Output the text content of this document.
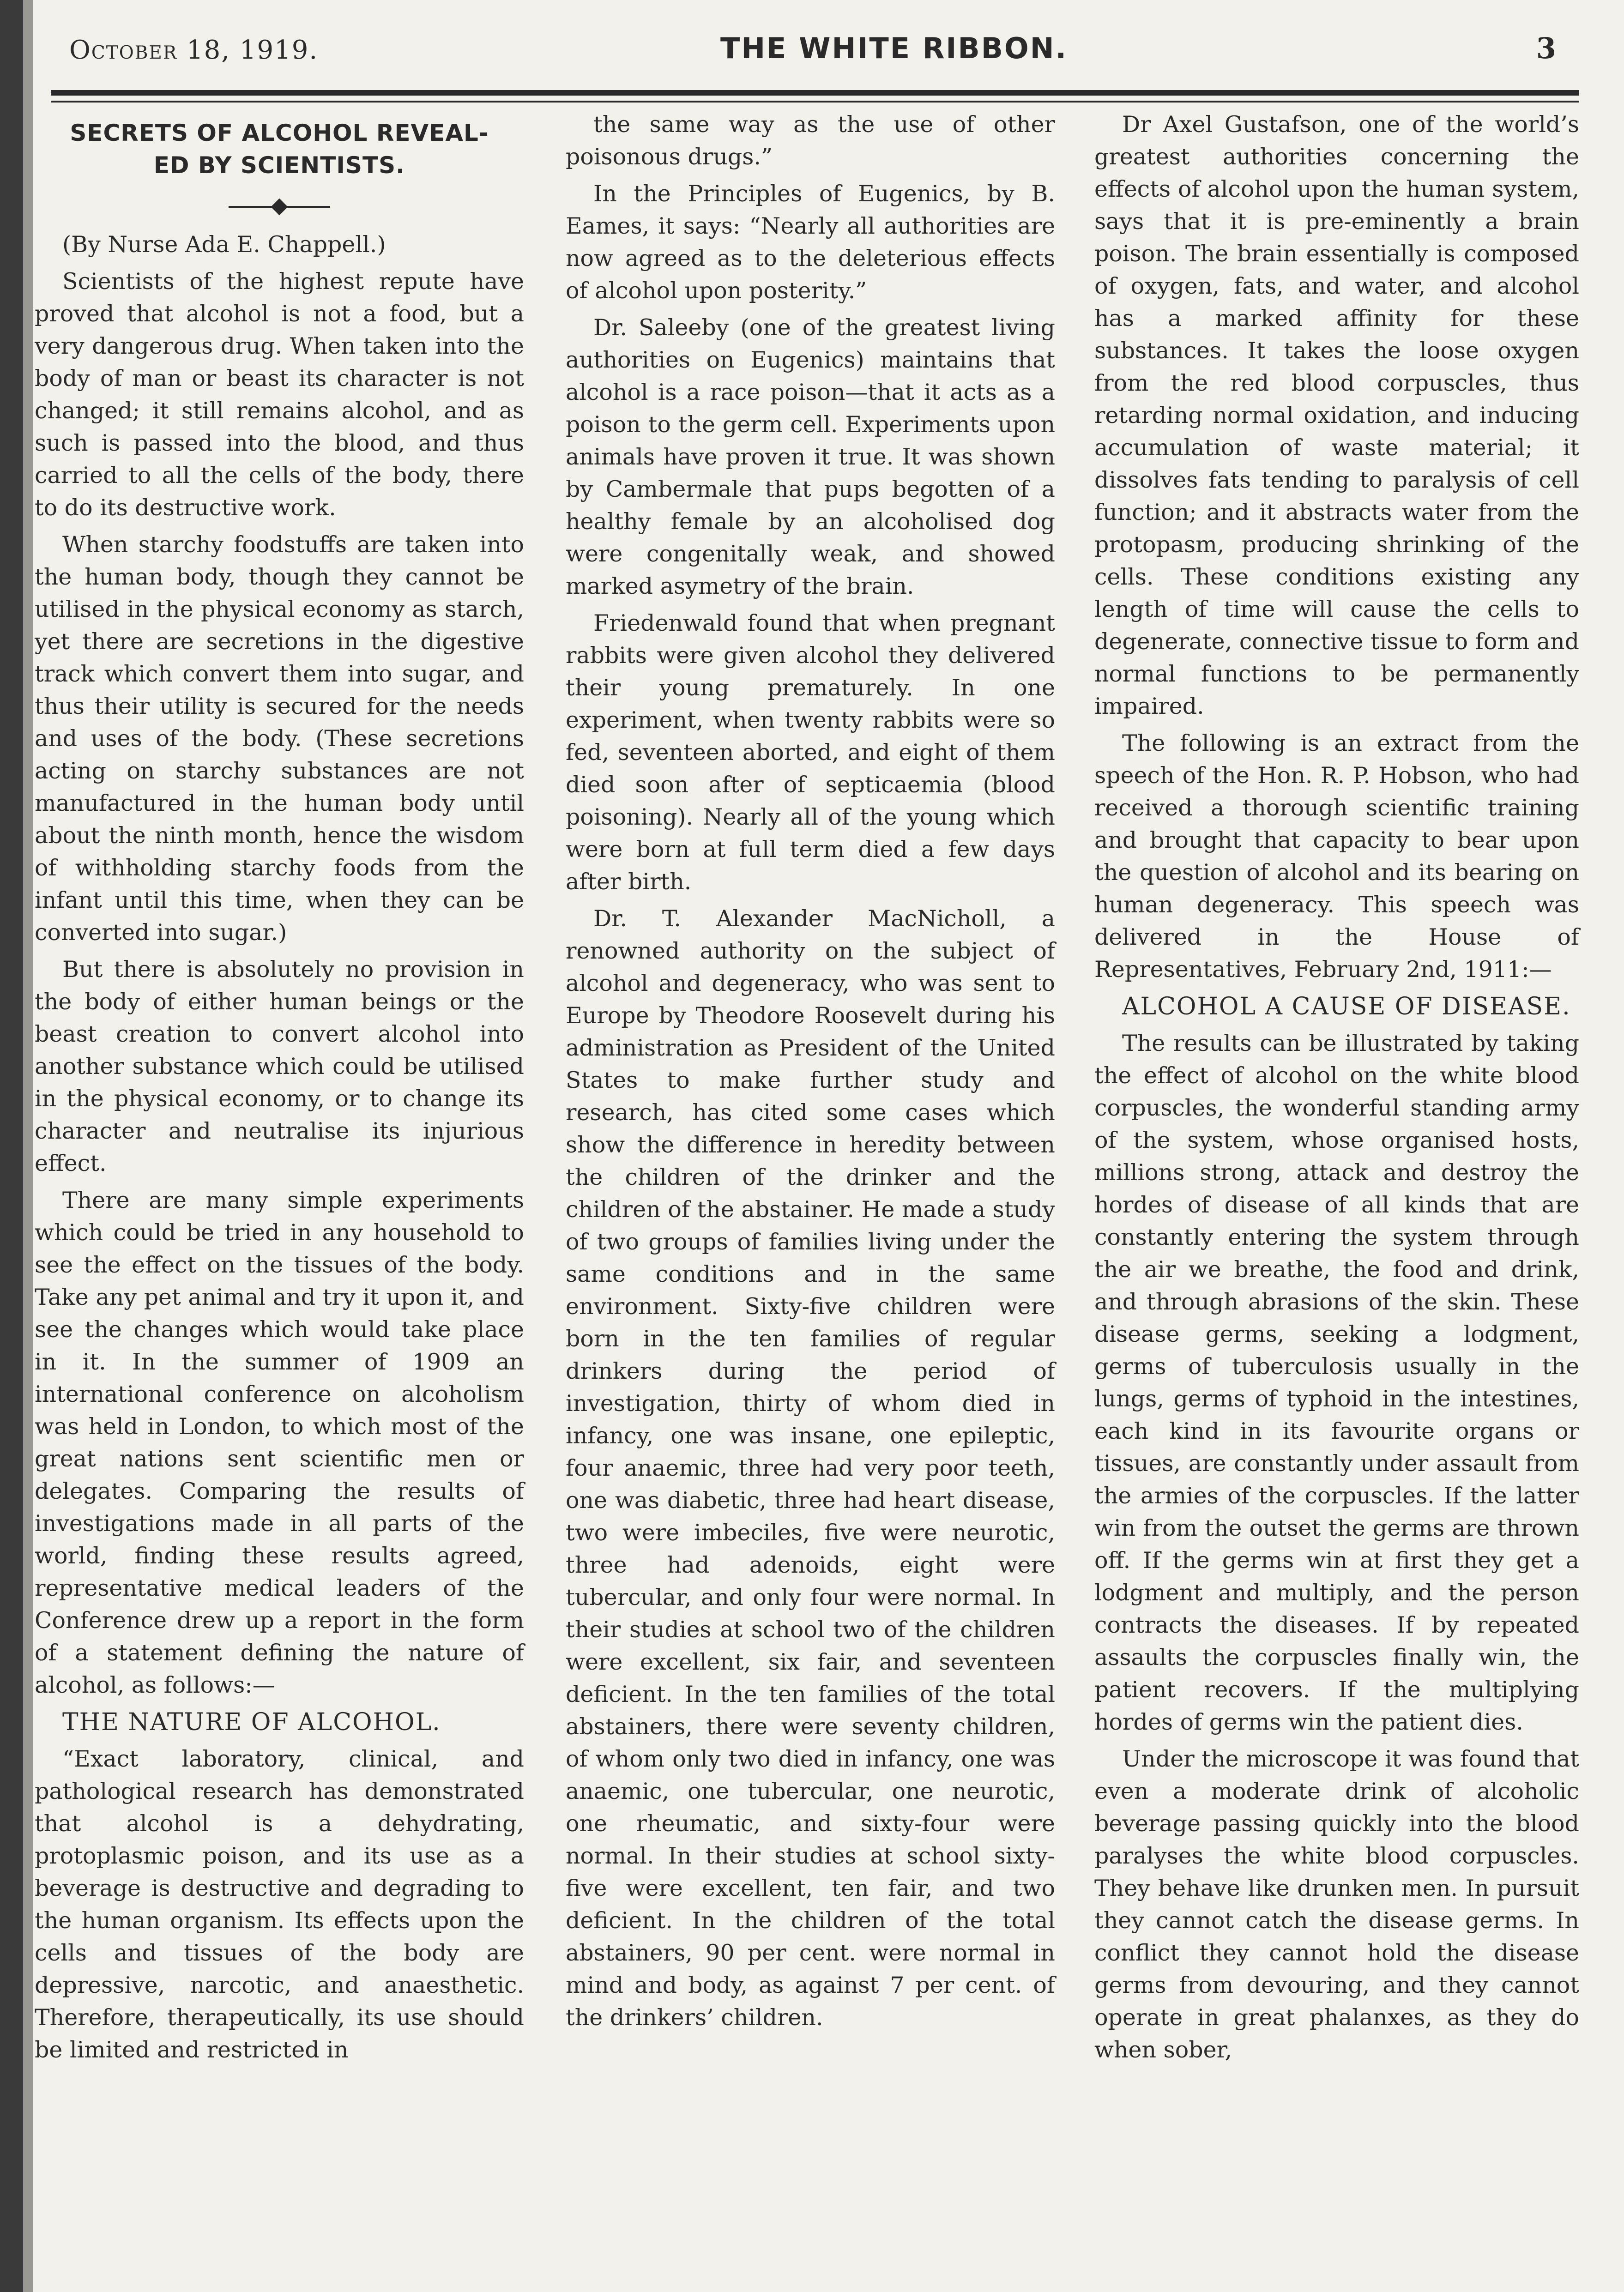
October 18, 1919.	THE WHITE RIBBON.	3
SECRETS OF ALCOHOL REVEAL-
ED BY SCIENTISTS.

(By Nurse Ada E. Chappell.)

Scientists of the highest repute have proved that alcohol is not a food, but a very dangerous drug. When taken into the body of man or beast its character is not changed; it still remains alcohol, and as such is passed into the blood, and thus carried to all the cells of the body, there to do its destructive work.

When starchy foodstuffs are taken into the human body, though they cannot be utilised in the physical economy as starch, yet there are secretions in the digestive track which convert them into sugar, and thus their utility is secured for the needs and uses of the body. (These secretions acting on starchy substances are not manufactured in the human body until about the ninth month, hence the wisdom of withholding starchy foods from the infant until this time, when they can be converted into sugar.)

But there is absolutely no provision in the body of either human beings or the beast creation to convert alcohol into another substance which could be utilised in the physical economy, or to change its character and neutralise its injurious effect.

There are many simple experiments which could be tried in any household to see the effect on the tissues of the body. Take any pet animal and try it upon it, and see the changes which would take place in it. In the summer of 1909 an international conference on alcoholism was held in London, to which most of the great nations sent scientific men or delegates. Comparing the results of investigations made in all parts of the world, finding these results agreed, representative medical leaders of the Conference drew up a report in the form of a statement defining the nature of alcohol, as follows:—

THE NATURE OF ALCOHOL.

“Exact laboratory, clinical, and pathological research has demonstrated that alcohol is a dehydrating, protoplasmic poison, and its use as a beverage is destructive and degrading to the human organism. Its effects upon the cells and tissues of the body are depressive, narcotic, and anaesthetic. Therefore, therapeutically, its use should be limited and restricted in

the same way as the use of other poisonous drugs.”

In the Principles of Eugenics, by B. Eames, it says: “Nearly all authorities are now agreed as to the deleterious effects of alcohol upon posterity.”

Dr. Saleeby (one of the greatest living authorities on Eugenics) maintains that alcohol is a race poison—that it acts as a poison to the germ cell. Experiments upon animals have proven it true. It was shown by Cambermale that pups begotten of a healthy female by an alcoholised dog were congenitally weak, and showed marked asymetry of the brain.

Friedenwald found that when pregnant rabbits were given alcohol they delivered their young prematurely. In one experiment, when twenty rabbits were so fed, seventeen aborted, and eight of them died soon after of septicaemia (blood poisoning). Nearly all of the young which were born at full term died a few days after birth.

Dr. T. Alexander MacNicholl, a renowned authority on the subject of alcohol and degeneracy, who was sent to Europe by Theodore Roosevelt during his administration as President of the United States to make further study and research, has cited some cases which show the difference in heredity between the children of the drinker and the children of the abstainer. He made a study of two groups of families living under the same conditions and in the same environment. Sixty-five children were born in the ten families of regular drinkers during the period of investigation, thirty of whom died in infancy, one was insane, one epileptic, four anaemic, three had very poor teeth, one was diabetic, three had heart disease, two were imbeciles, five were neurotic, three had adenoids, eight were tubercular, and only four were normal. In their studies at school two of the children were excellent, six fair, and seventeen deficient. In the ten families of the total abstainers, there were seventy children, of whom only two died in infancy, one was anaemic, one tubercular, one neurotic, one rheumatic, and sixty-four were normal. In their studies at school sixty-five were excellent, ten fair, and two deficient. In the children of the total abstainers, 90 per cent. were normal in mind and body, as against 7 per cent. of the drinkers’ children.

Dr Axel Gustafson, one of the world’s greatest authorities concerning the effects of alcohol upon the human system, says that it is pre-eminently a brain poison. The brain essentially is composed of oxygen, fats, and water, and alcohol has a marked affinity for these substances. It takes the loose oxygen from the red blood corpuscles, thus retarding normal oxidation, and inducing accumulation of waste material; it dissolves fats tending to paralysis of cell function; and it abstracts water from the protopasm, producing shrinking of the cells. These conditions existing any length of time will cause the cells to degenerate, connective tissue to form and normal functions to be permanently impaired.

The following is an extract from the speech of the Hon. R. P. Hobson, who had received a thorough scientific training and brought that capacity to bear upon the question of alcohol and its bearing on human degeneracy. This speech was delivered in the House of Representatives, February 2nd, 1911:—

ALCOHOL A CAUSE OF DISEASE.

The results can be illustrated by taking the effect of alcohol on the white blood corpuscles, the wonderful standing army of the system, whose organised hosts, millions strong, attack and destroy the hordes of disease of all kinds that are constantly entering the system through the air we breathe, the food and drink, and through abrasions of the skin. These disease germs, seeking a lodgment, germs of tuberculosis usually in the lungs, germs of typhoid in the intestines, each kind in its favourite organs or tissues, are constantly under assault from the armies of the corpuscles. If the latter win from the outset the germs are thrown off. If the germs win at first they get a lodgment and multiply, and the person contracts the diseases. If by repeated assaults the corpuscles finally win, the patient recovers. If the multiplying hordes of germs win the patient dies.

Under the microscope it was found that even a moderate drink of alcoholic beverage passing quickly into the blood paralyses the white blood corpuscles. They behave like drunken men. In pursuit they cannot catch the disease germs. In conflict they cannot hold the disease germs from devouring, and they cannot operate in great phalanxes, as they do when sober,
